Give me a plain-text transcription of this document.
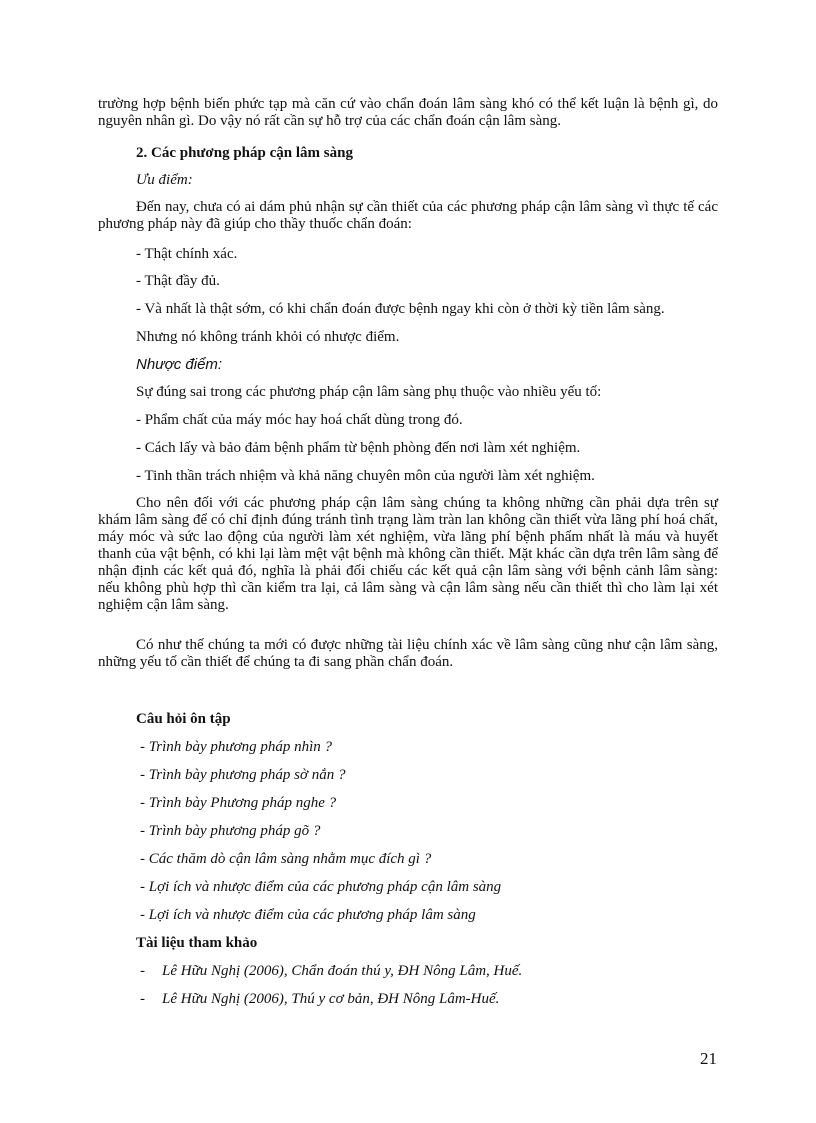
trường hợp bệnh biến phức tạp mà căn cứ vào chẩn đoán lâm sàng khó có thể kết luận là bệnh gì, do nguyên nhân gì. Do vậy nó rất cần sự hỗ trợ của các chẩn đoán cận lâm sàng.

2. Các phương pháp cận lâm sàng

Ưu điểm:

Đến nay, chưa có ai dám phủ nhận sự cần thiết của các phương pháp cận lâm sàng vì thực tế các phương pháp này đã giúp cho thầy thuốc chẩn đoán:

- Thật chính xác.

- Thật đầy đủ.

- Và nhất là thật sớm, có khi chẩn đoán được bệnh ngay khi còn ở thời kỳ tiền lâm sàng.

Nhưng nó không tránh khỏi có nhược điểm.

Nhược điểm:

Sự đúng sai trong các phương pháp cận lâm sàng phụ thuộc vào nhiều yếu tố:

- Phẩm chất của máy móc hay hoá chất dùng trong đó.

- Cách lấy và bảo đảm bệnh phẩm từ bệnh phòng đến nơi làm xét nghiệm.

- Tinh thần trách nhiệm và khả năng chuyên môn của người làm xét nghiệm.

Cho nên đối với các phương pháp cận lâm sàng chúng ta không những cần phải dựa trên sự khám lâm sàng để có chỉ định đúng tránh tình trạng làm tràn lan không cần thiết vừa lãng phí hoá chất, máy móc và sức lao động của người làm xét nghiệm, vừa lãng phí bệnh phẩm nhất là máu và huyết thanh của vật bệnh, có khi lại làm mệt vật bệnh mà không cần thiết. Mặt khác cần dựa trên lâm sàng để nhận định các kết quả đó, nghĩa là phải đối chiếu các kết quả cận lâm sàng với bệnh cảnh lâm sàng: nếu không phù hợp thì cần kiểm tra lại, cả lâm sàng và cận lâm sàng nếu cần thiết thì cho làm lại xét nghiệm cận lâm sàng.

Có như thế chúng ta mới có được những tài liệu chính xác về lâm sàng cũng như cận lâm sàng, những yếu tố cần thiết để chúng ta đi sang phần chẩn đoán.

Câu hỏi ôn tập

- Trình bày phương pháp nhìn ?

- Trình bày phương pháp sờ nắn ?

- Trình bày Phương pháp nghe ?

- Trình bày phương pháp gõ ?

- Các thăm dò cận lâm sàng nhằm mục đích gì ?

- Lợi ích và nhược điểm của các phương pháp cận lâm sàng

- Lợi ích và nhược điểm của các phương pháp lâm sàng

Tài liệu tham khảo

- Lê Hữu Nghị (2006), Chẩn đoán thú y, ĐH Nông Lâm, Huế.

- Lê Hữu Nghị (2006), Thú y cơ bản, ĐH Nông Lâm-Huế.

21
